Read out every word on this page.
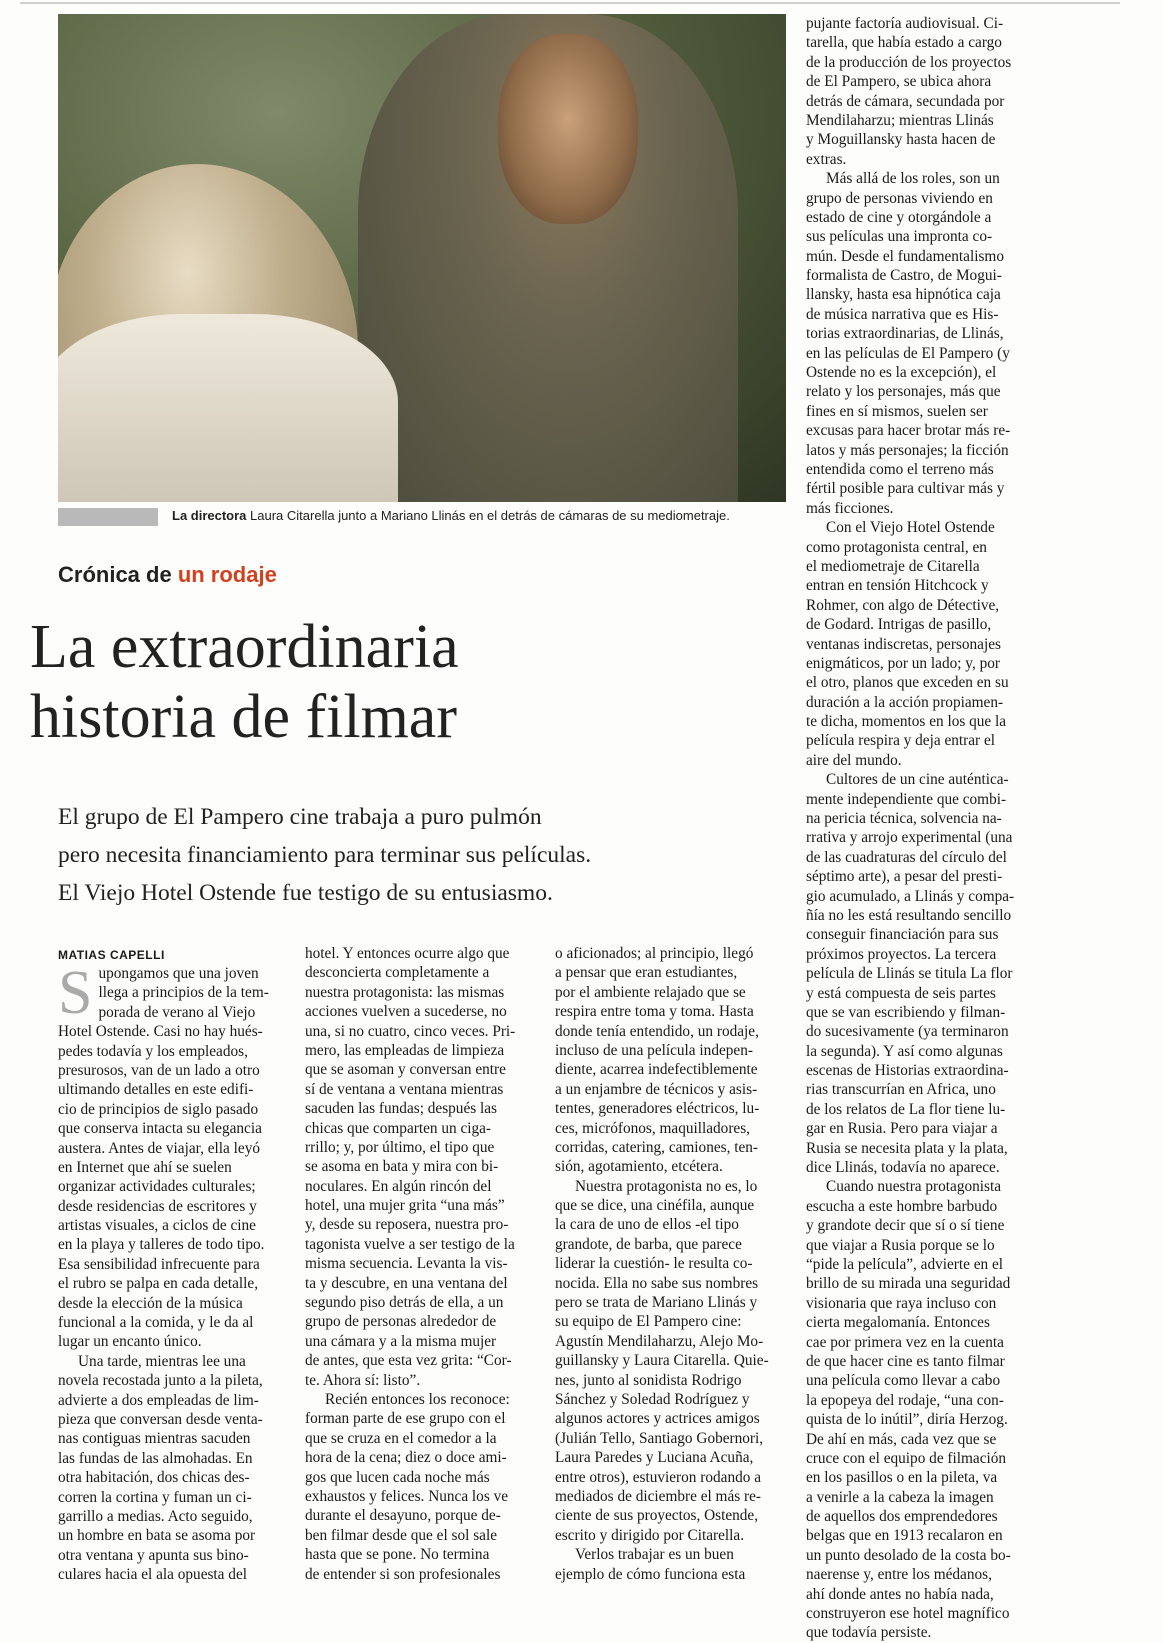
La directora Laura Citarella junto a Mariano Llinás en el detrás de cámaras de su mediometraje.
Crónica de un rodaje
La extraordinaria
historia de filmar
El grupo de El Pampero cine trabaja a puro pulmón
pero necesita financiamiento para terminar sus películas.
El Viejo Hotel Ostende fue testigo de su entusiasmo.
MATIAS CAPELLI
S upongamos que una joven
llega a principios de la tem-
porada de verano al Viejo
Hotel Ostende. Casi no hay hués-
pedes todavía y los empleados,
presurosos, van de un lado a otro
ultimando detalles en este edifi-
cio de principios de siglo pasado
que conserva intacta su elegancia
austera. Antes de viajar, ella leyó
en Internet que ahí se suelen
organizar actividades culturales;
desde residencias de escritores y
artistas visuales, a ciclos de cine
en la playa y talleres de todo tipo.
Esa sensibilidad infrecuente para
el rubro se palpa en cada detalle,
desde la elección de la música
funcional a la comida, y le da al
lugar un encanto único.
Una tarde, mientras lee una
novela recostada junto a la pileta,
advierte a dos empleadas de lim-
pieza que conversan desde venta-
nas contiguas mientras sacuden
las fundas de las almohadas. En
otra habitación, dos chicas des-
corren la cortina y fuman un ci-
garrillo a medias. Acto seguido,
un hombre en bata se asoma por
otra ventana y apunta sus bino-
culares hacia el ala opuesta del
hotel. Y entonces ocurre algo que
desconcierta completamente a
nuestra protagonista: las mismas
acciones vuelven a sucederse, no
una, si no cuatro, cinco veces. Pri-
mero, las empleadas de limpieza
que se asoman y conversan entre
sí de ventana a ventana mientras
sacuden las fundas; después las
chicas que comparten un ciga-
rrillo; y, por último, el tipo que
se asoma en bata y mira con bi-
noculares. En algún rincón del
hotel, una mujer grita “una más”
y, desde su reposera, nuestra pro-
tagonista vuelve a ser testigo de la
misma secuencia. Levanta la vis-
ta y descubre, en una ventana del
segundo piso detrás de ella, a un
grupo de personas alrededor de
una cámara y a la misma mujer
de antes, que esta vez grita: “Cor-
te. Ahora sí: listo”.
Recién entonces los reconoce:
forman parte de ese grupo con el
que se cruza en el comedor a la
hora de la cena; diez o doce ami-
gos que lucen cada noche más
exhaustos y felices. Nunca los ve
durante el desayuno, porque de-
ben filmar desde que el sol sale
hasta que se pone. No termina
de entender si son profesionales
o aficionados; al principio, llegó
a pensar que eran estudiantes,
por el ambiente relajado que se
respira entre toma y toma. Hasta
donde tenía entendido, un rodaje,
incluso de una película indepen-
diente, acarrea indefectiblemente
a un enjambre de técnicos y asis-
tentes, generadores eléctricos, lu-
ces, micrófonos, maquilladores,
corridas, catering, camiones, ten-
sión, agotamiento, etcétera.
Nuestra protagonista no es, lo
que se dice, una cinéfila, aunque
la cara de uno de ellos -el tipo
grandote, de barba, que parece
liderar la cuestión- le resulta co-
nocida. Ella no sabe sus nombres
pero se trata de Mariano Llinás y
su equipo de El Pampero cine:
Agustín Mendilaharzu, Alejo Mo-
guillansky y Laura Citarella. Quie-
nes, junto al sonidista Rodrigo
Sánchez y Soledad Rodríguez y
algunos actores y actrices amigos
(Julián Tello, Santiago Gobernori,
Laura Paredes y Luciana Acuña,
entre otros), estuvieron rodando a
mediados de diciembre el más re-
ciente de sus proyectos, Ostende,
escrito y dirigido por Citarella.
Verlos trabajar es un buen
ejemplo de cómo funciona esta
pujante factoría audiovisual. Ci-
tarella, que había estado a cargo
de la producción de los proyectos
de El Pampero, se ubica ahora
detrás de cámara, secundada por
Mendilaharzu; mientras Llinás
y Moguillansky hasta hacen de
extras.
Más allá de los roles, son un
grupo de personas viviendo en
estado de cine y otorgándole a
sus películas una impronta co-
mún. Desde el fundamentalismo
formalista de Castro, de Mogui-
llansky, hasta esa hipnótica caja
de música narrativa que es His-
torias extraordinarias, de Llinás,
en las películas de El Pampero (y
Ostende no es la excepción), el
relato y los personajes, más que
fines en sí mismos, suelen ser
excusas para hacer brotar más re-
latos y más personajes; la ficción
entendida como el terreno más
fértil posible para cultivar más y
más ficciones.
Con el Viejo Hotel Ostende
como protagonista central, en
el mediometraje de Citarella
entran en tensión Hitchcock y
Rohmer, con algo de Détective,
de Godard. Intrigas de pasillo,
ventanas indiscretas, personajes
enigmáticos, por un lado; y, por
el otro, planos que exceden en su
duración a la acción propiamen-
te dicha, momentos en los que la
película respira y deja entrar el
aire del mundo.
Cultores de un cine auténtica-
mente independiente que combi-
na pericia técnica, solvencia na-
rrativa y arrojo experimental (una
de las cuadraturas del círculo del
séptimo arte), a pesar del presti-
gio acumulado, a Llinás y compa-
ñía no les está resultando sencillo
conseguir financiación para sus
próximos proyectos. La tercera
película de Llinás se titula La flor
y está compuesta de seis partes
que se van escribiendo y filman-
do sucesivamente (ya terminaron
la segunda). Y así como algunas
escenas de Historias extraordina-
rias transcurrían en Africa, uno
de los relatos de La flor tiene lu-
gar en Rusia. Pero para viajar a
Rusia se necesita plata y la plata,
dice Llinás, todavía no aparece.
Cuando nuestra protagonista
escucha a este hombre barbudo
y grandote decir que sí o sí tiene
que viajar a Rusia porque se lo
“pide la película”, advierte en el
brillo de su mirada una seguridad
visionaria que raya incluso con
cierta megalomanía. Entonces
cae por primera vez en la cuenta
de que hacer cine es tanto filmar
una película como llevar a cabo
la epopeya del rodaje, “una con-
quista de lo inútil”, diría Herzog.
De ahí en más, cada vez que se
cruce con el equipo de filmación
en los pasillos o en la pileta, va
a venirle a la cabeza la imagen
de aquellos dos emprendedores
belgas que en 1913 recalaron en
un punto desolado de la costa bo-
naerense y, entre los médanos,
ahí donde antes no había nada,
construyeron ese hotel magnífico
que todavía persiste.
